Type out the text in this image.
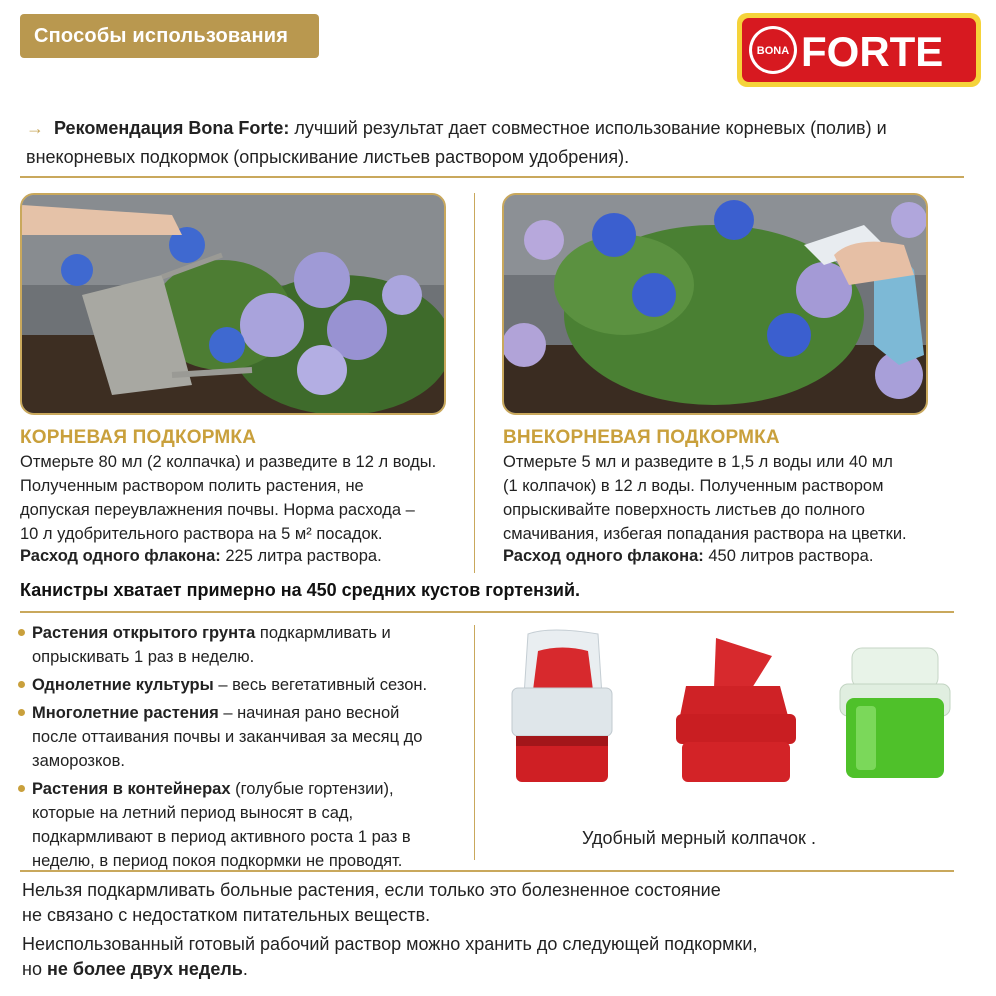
Способы использования
BONA FORTE
→ Рекомендация Bona Forte: лучший результат дает совместное использование корневых (полив) и внекорневых подкормок (опрыскивание листьев раствором удобрения).
КОРНЕВАЯ ПОДКОРМКА
Отмерьте 80 мл (2 колпачка) и разведите в 12 л воды.
Полученным раствором полить растения, не
допуская переувлажнения почвы. Норма расхода –
10 л удобрительного раствора на 5 м² посадок.
Расход одного флакона: 225 литра раствора.
ВНЕКОРНЕВАЯ ПОДКОРМКА
Отмерьте 5 мл и разведите в 1,5 л воды или 40 мл
(1 колпачок) в 12 л воды. Полученным раствором
опрыскивайте поверхность листьев до полного
смачивания, избегая попадания раствора на цветки.
Расход одного флакона: 450 литров раствора.
Канистры хватает примерно на 450 средних кустов гортензий.
Растения открытого грунта подкармливать и
опрыскивать 1 раз в неделю.
Однолетние культуры – весь вегетативный сезон.
Многолетние растения – начиная рано весной
после оттаивания почвы и заканчивая за месяц до
заморозков.
Растения в контейнерах (голубые гортензии),
которые на летний период выносят в сад,
подкармливают в период активного роста 1 раз в
неделю, в период покоя подкормки не проводят.
Удобный мерный колпачок .
Нельзя подкармливать больные растения, если только это болезненное состояние
не связано с недостатком питательных веществ.
Неиспользованный готовый рабочий раствор можно хранить до следующей подкормки,
но не более двух недель.
